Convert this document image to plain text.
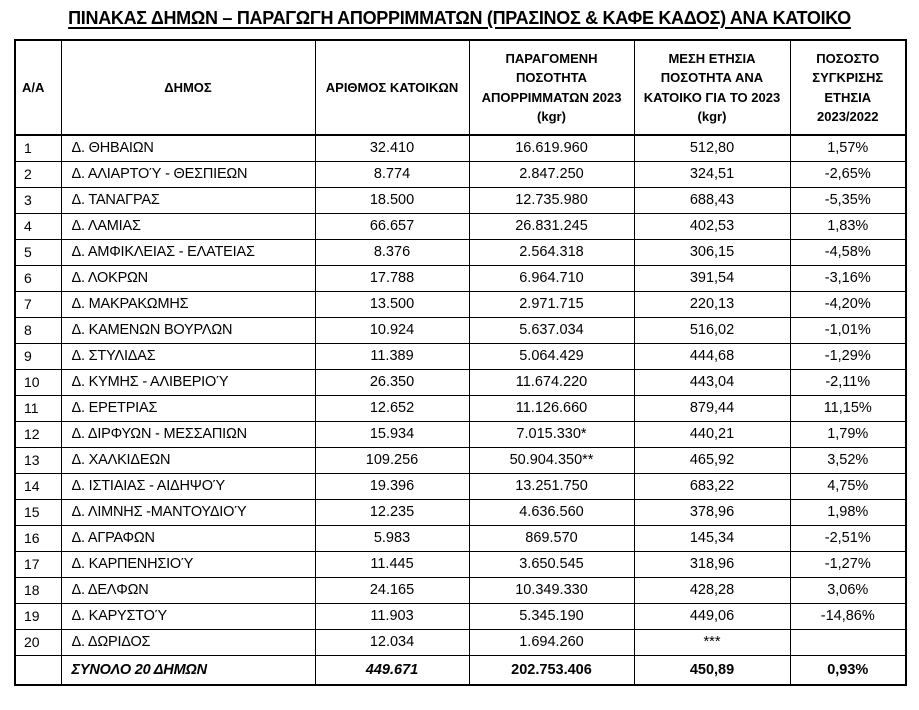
ΠΙΝΑΚΑΣ ΔΗΜΩΝ – ΠΑΡΑΓΩΓΗ ΑΠΟΡΡΙΜΜΑΤΩΝ (ΠΡΑΣΙΝΟΣ & ΚΑΦΕ ΚΑΔΟΣ) ΑΝΑ ΚΑΤΟΙΚΟ
Α/Α	ΔΗΜΟΣ	ΑΡΙΘΜΟΣ ΚΑΤΟΙΚΩΝ	ΠΑΡΑΓΟΜΕΝΗ ΠΟΣΟΤΗΤΑ ΑΠΟΡΡΙΜΜΑΤΩΝ 2023 (kgr)	ΜΕΣΗ ΕΤΗΣΙΑ ΠΟΣΟΤΗΤΑ ΑΝΑ ΚΑΤΟΙΚΟ ΓΙΑ ΤΟ 2023 (kgr)	ΠΟΣΟΣΤΟ ΣΥΓΚΡΙΣΗΣ ΕΤΗΣΙΑ 2023/2022
1	Δ. ΘΗΒΑΙΩΝ	32.410	16.619.960	512,80	1,57%
2	Δ. ΑΛΙΑΡΤΟΎ - ΘΕΣΠΙΕΩΝ	8.774	2.847.250	324,51	-2,65%
3	Δ. ΤΑΝΑΓΡΑΣ	18.500	12.735.980	688,43	-5,35%
4	Δ. ΛΑΜΙΑΣ	66.657	26.831.245	402,53	1,83%
5	Δ. ΑΜΦΙΚΛΕΙΑΣ - ΕΛΑΤΕΙΑΣ	8.376	2.564.318	306,15	-4,58%
6	Δ. ΛΟΚΡΩΝ	17.788	6.964.710	391,54	-3,16%
7	Δ. ΜΑΚΡΑΚΩΜΗΣ	13.500	2.971.715	220,13	-4,20%
8	Δ. ΚΑΜΕΝΩΝ ΒΟΥΡΛΩΝ	10.924	5.637.034	516,02	-1,01%
9	Δ. ΣΤΥΛΙΔΑΣ	11.389	5.064.429	444,68	-1,29%
10	Δ. ΚΥΜΗΣ - ΑΛΙΒΕΡΙΟΎ	26.350	11.674.220	443,04	-2,11%
11	Δ. ΕΡΕΤΡΙΑΣ	12.652	11.126.660	879,44	11,15%
12	Δ. ΔΙΡΦΥΩΝ - ΜΕΣΣΑΠΙΩΝ	15.934	7.015.330*	440,21	1,79%
13	Δ. ΧΑΛΚΙΔΕΩΝ	109.256	50.904.350**	465,92	3,52%
14	Δ. ΙΣΤΙΑΙΑΣ - ΑΙΔΗΨΟΎ	19.396	13.251.750	683,22	4,75%
15	Δ. ΛΙΜΝΗΣ -ΜΑΝΤΟΥΔΙΟΎ	12.235	4.636.560	378,96	1,98%
16	Δ. ΑΓΡΑΦΩΝ	5.983	869.570	145,34	-2,51%
17	Δ. ΚΑΡΠΕΝΗΣΙΟΎ	11.445	3.650.545	318,96	-1,27%
18	Δ. ΔΕΛΦΩΝ	24.165	10.349.330	428,28	3,06%
19	Δ. ΚΑΡΥΣΤΟΎ	11.903	5.345.190	449,06	-14,86%
20	Δ. ΔΩΡΙΔΟΣ	12.034	1.694.260	***	
	ΣΥΝΟΛΟ 20 ΔΗΜΩΝ	449.671	202.753.406	450,89	0,93%
